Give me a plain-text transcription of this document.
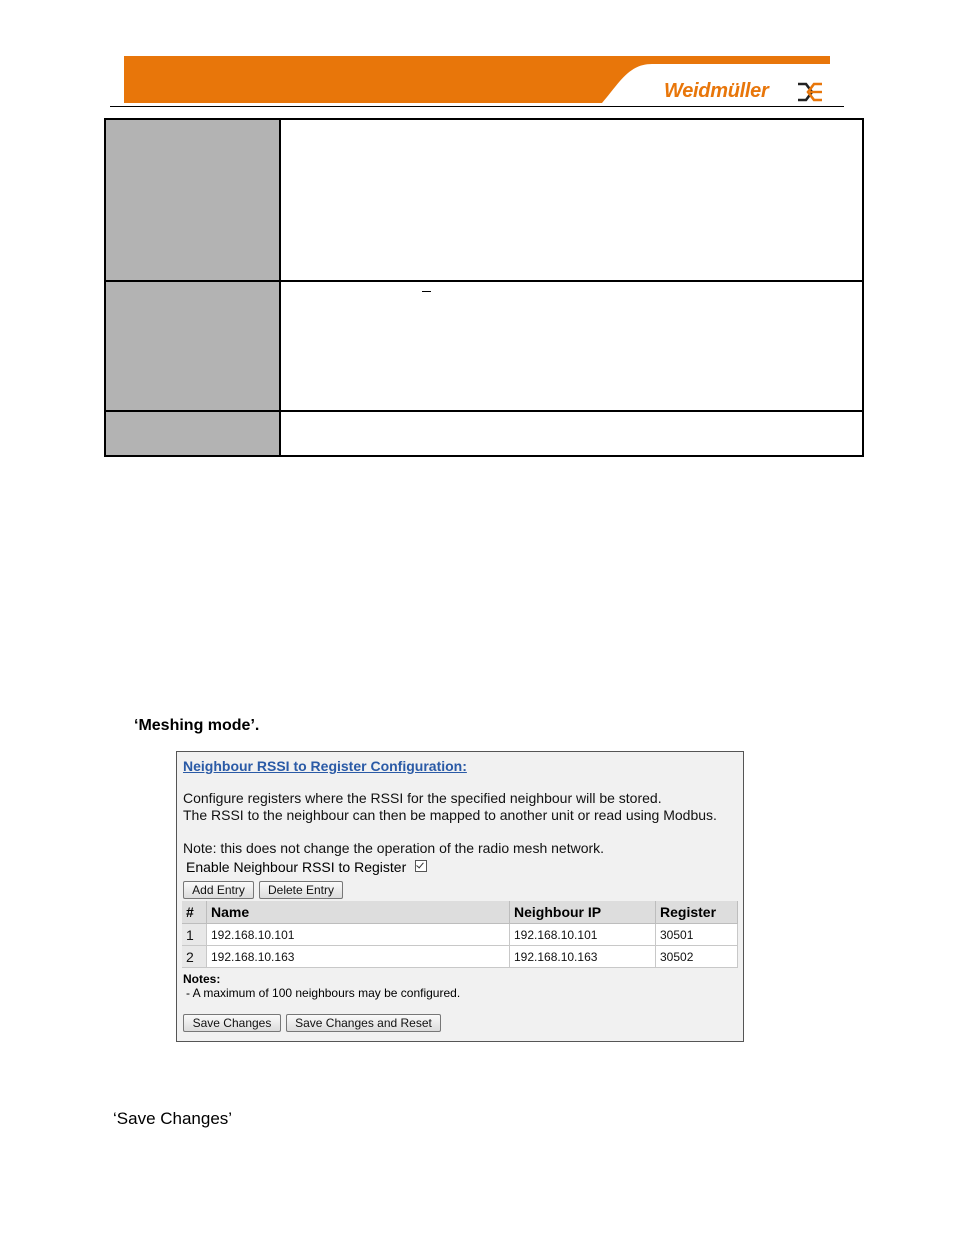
Weidmüller
‘Meshing mode’.
Neighbour RSSI to Register Configuration:
Configure registers where the RSSI for the specified neighbour will be stored.
The RSSI to the neighbour can then be mapped to another unit or read using Modbus.
Note: this does not change the operation of the radio mesh network.
Enable Neighbour RSSI to Register
Add Entry	Delete Entry
#	Name	Neighbour IP	Register
1	192.168.10.101	192.168.10.101	30501
2	192.168.10.163	192.168.10.163	30502
Notes:
- A maximum of 100 neighbours may be configured.
Save Changes	Save Changes and Reset
‘Save Changes’
